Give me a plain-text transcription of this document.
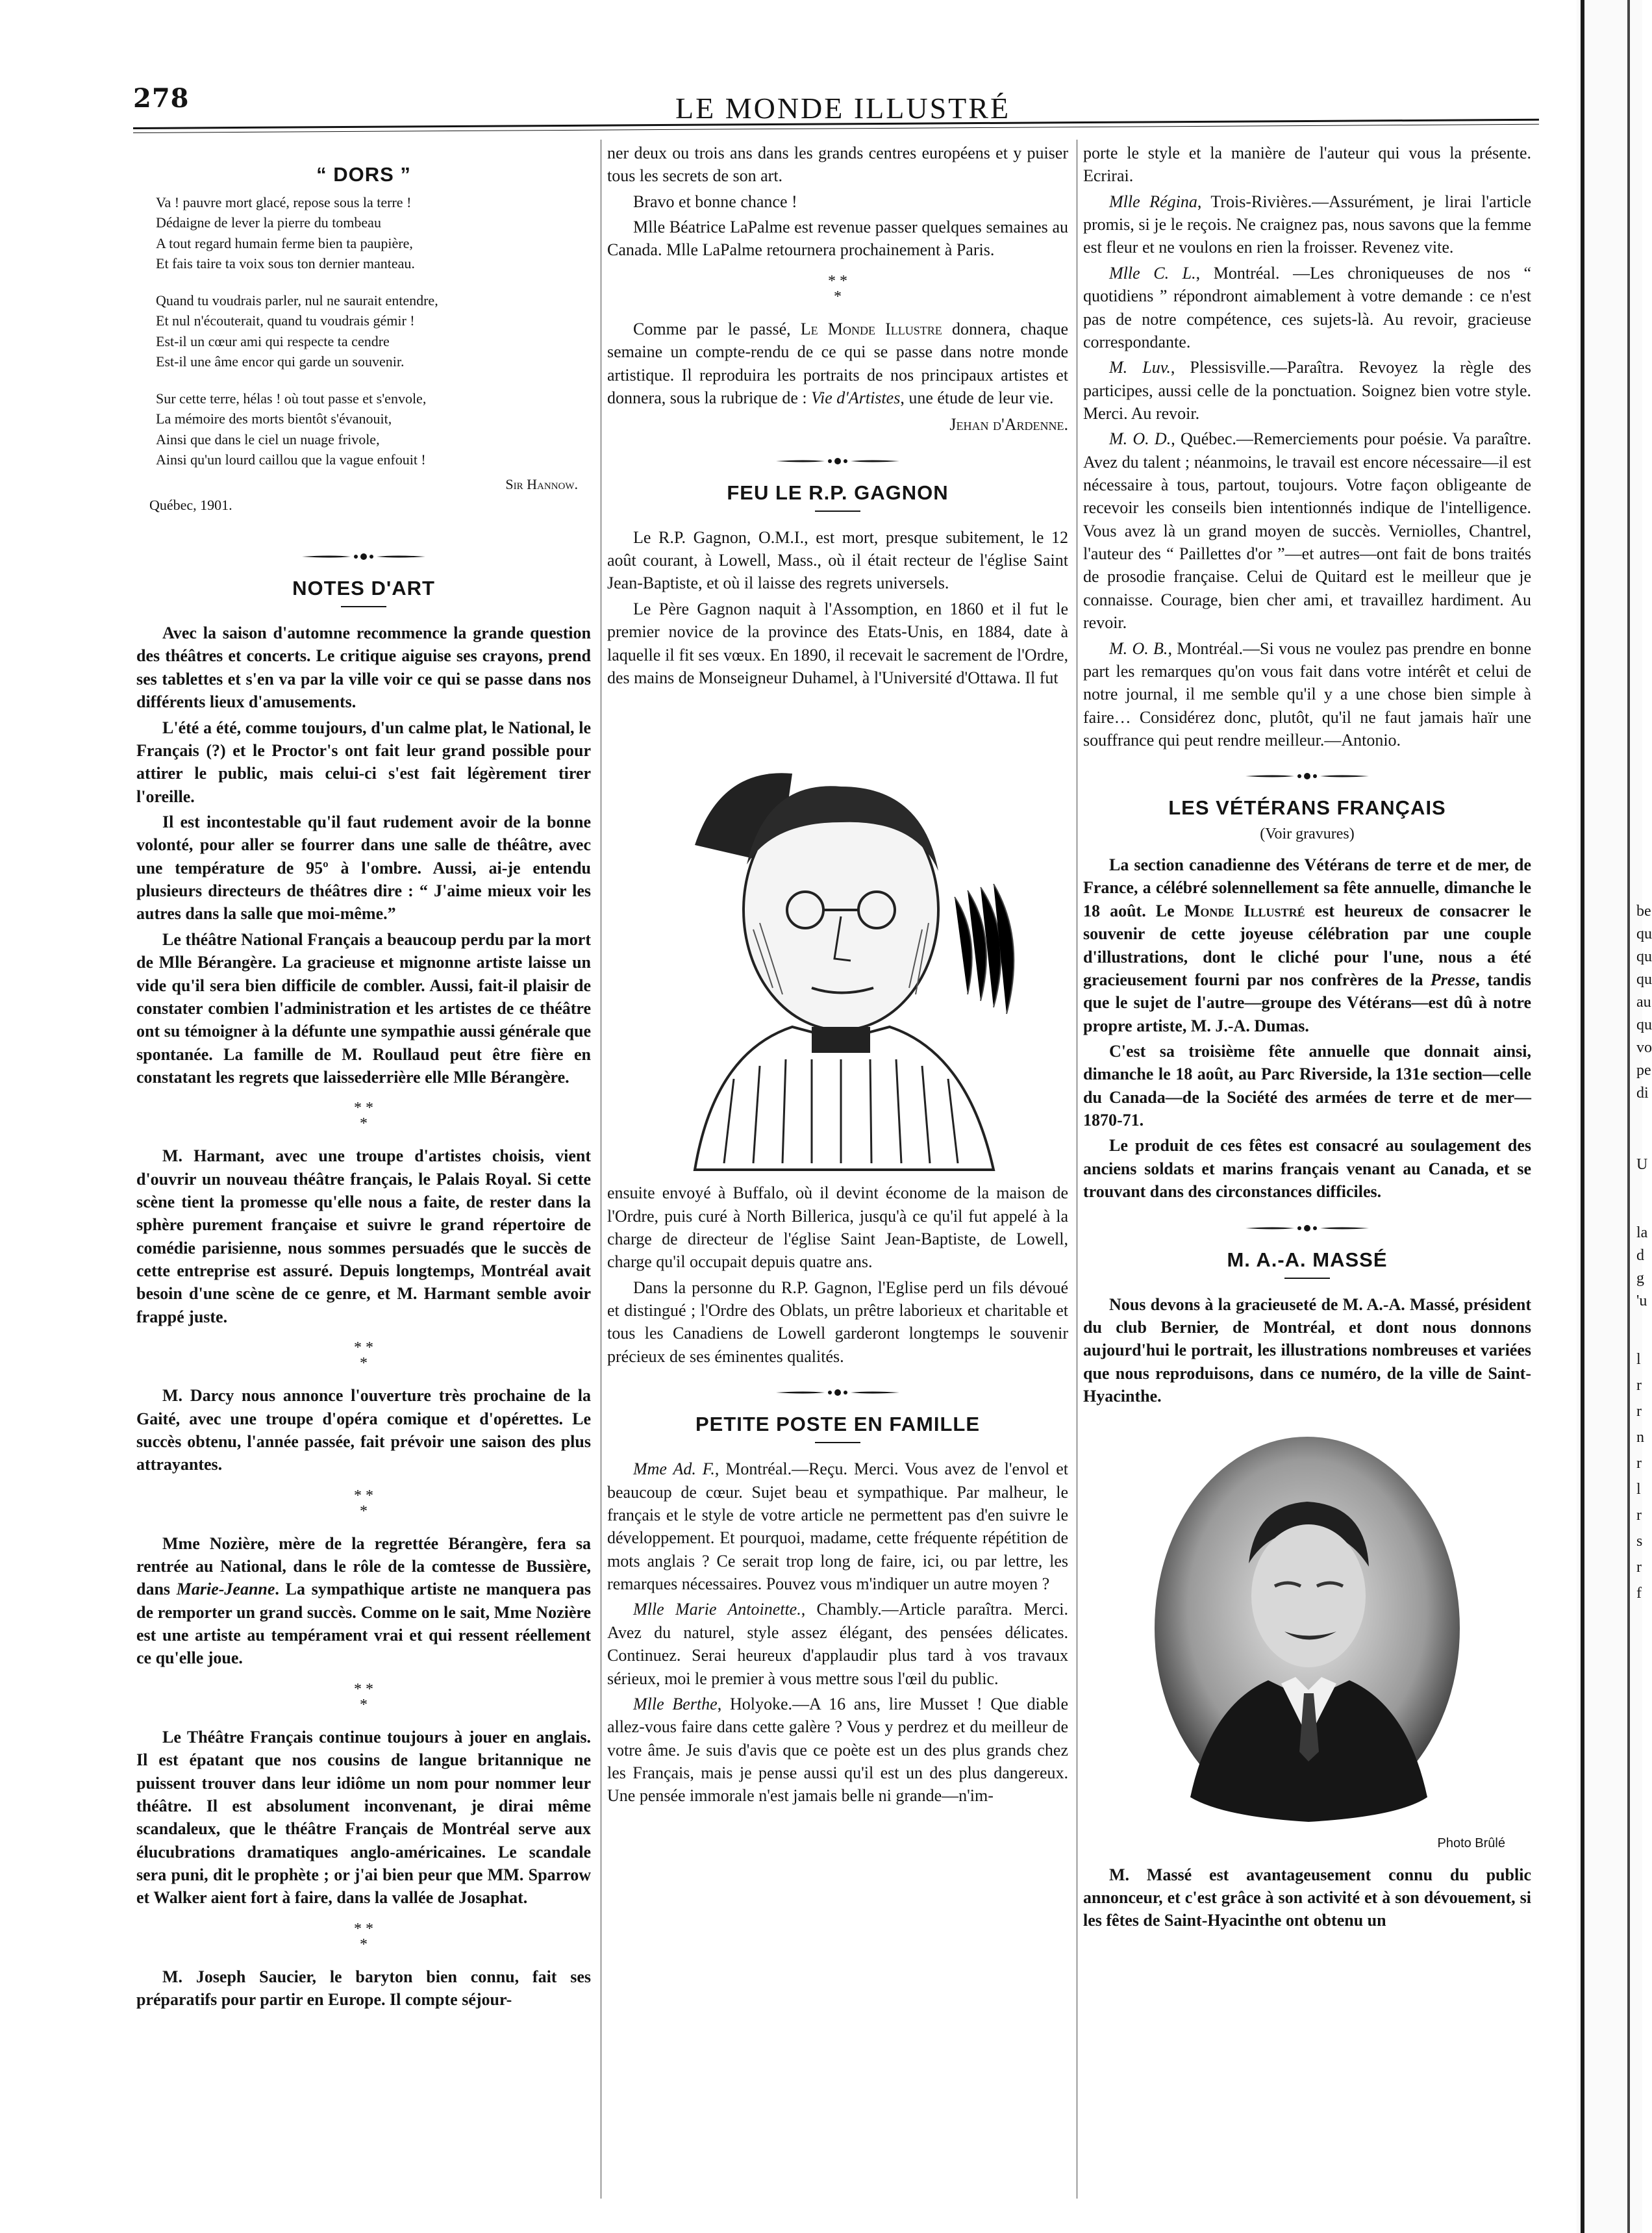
278	LE MONDE ILLUSTRÉ
“ DORS ”
Va ! pauvre mort glacé, repose sous la terre !
Dédaigne de lever la pierre du tombeau
A tout regard humain ferme bien ta paupière,
Et fais taire ta voix sous ton dernier manteau.
Quand tu voudrais parler, nul ne saurait entendre,
Et nul n'écouterait, quand tu voudrais gémir !
Est-il un cœur ami qui respecte ta cendre
Est-il une âme encor qui garde un souvenir.
Sur cette terre, hélas ! où tout passe et s'envole,
La mémoire des morts bientôt s'évanouit,
Ainsi que dans le ciel un nuage frivole,
Ainsi qu'un lourd caillou que la vague enfouit !
Sir Hannow.
Québec, 1901.
NOTES D'ART

Avec la saison d'automne recommence la grande question des théâtres et concerts. Le critique aiguise ses crayons, prend ses tablettes et s'en va par la ville voir ce qui se passe dans nos différents lieux d'amusements.

L'été a été, comme toujours, d'un calme plat, le National, le Français (?) et le Proctor's ont fait leur grand possible pour attirer le public, mais celui-ci s'est fait légèrement tirer l'oreille.

Il est incontestable qu'il faut rudement avoir de la bonne volonté, pour aller se fourrer dans une salle de théâtre, avec une température de 95º à l'ombre. Aussi, ai-je entendu plusieurs directeurs de théâtres dire : “ J'aime mieux voir les autres dans la salle que moi-même.”

Le théâtre National Français a beaucoup perdu par la mort de Mlle Bérangère. La gracieuse et mignonne artiste laisse un vide qu'il sera bien difficile de combler. Aussi, fait-il plaisir de constater combien l'administration et les artistes de ce théâtre ont su témoigner à la défunte une sympathie aussi générale que spontanée. La famille de M. Roullaud peut être fière en constatant les regrets que laissederrière elle Mlle Bérangère.

* *
*

M. Harmant, avec une troupe d'artistes choisis, vient d'ouvrir un nouveau théâtre français, le Palais Royal. Si cette scène tient la promesse qu'elle nous a faite, de rester dans la sphère purement française et suivre le grand répertoire de comédie parisienne, nous sommes persuadés que le succès de cette entreprise est assuré. Depuis longtemps, Montréal avait besoin d'une scène de ce genre, et M. Harmant semble avoir frappé juste.

* *
*

M. Darcy nous annonce l'ouverture très prochaine de la Gaité, avec une troupe d'opéra comique et d'opérettes. Le succès obtenu, l'année passée, fait prévoir une saison des plus attrayantes.

* *
*

Mme Nozière, mère de la regrettée Bérangère, fera sa rentrée au National, dans le rôle de la comtesse de Bussière, dans Marie-Jeanne. La sympathique artiste ne manquera pas de remporter un grand succès. Comme on le sait, Mme Nozière est une artiste au tempérament vrai et qui ressent réellement ce qu'elle joue.

* *
*

Le Théâtre Français continue toujours à jouer en anglais. Il est épatant que nos cousins de langue britannique ne puissent trouver dans leur idiôme un nom pour nommer leur théâtre. Il est absolument inconvenant, je dirai même scandaleux, que le théâtre Français de Montréal serve aux élucubrations dramatiques anglo-américaines. Le scandale sera puni, dit le prophète ; or j'ai bien peur que MM. Sparrow et Walker aient fort à faire, dans la vallée de Josaphat.

* *
*

M. Joseph Saucier, le baryton bien connu, fait ses préparatifs pour partir en Europe. Il compte séjour-

ner deux ou trois ans dans les grands centres européens et y puiser tous les secrets de son art.

Bravo et bonne chance !

Mlle Béatrice LaPalme est revenue passer quelques semaines au Canada. Mlle LaPalme retournera prochainement à Paris.

* *
*

Comme par le passé, Le Monde Illustre donnera, chaque semaine un compte-rendu de ce qui se passe dans notre monde artistique. Il reproduira les portraits de nos principaux artistes et donnera, sous la rubrique de : Vie d'Artistes, une étude de leur vie.

Jehan d'Ardenne.

FEU LE R.P. GAGNON

Le R.P. Gagnon, O.M.I., est mort, presque subitement, le 12 août courant, à Lowell, Mass., où il était recteur de l'église Saint Jean-Baptiste, et où il laisse des regrets universels.

Le Père Gagnon naquit à l'Assomption, en 1860 et il fut le premier novice de la province des Etats-Unis, en 1884, date à laquelle il fit ses vœux. En 1890, il recevait le sacrement de l'Ordre, des mains de Monseigneur Duhamel, à l'Université d'Ottawa. Il fut

ensuite envoyé à Buffalo, où il devint économe de la maison de l'Ordre, puis curé à North Billerica, jusqu'à ce qu'il fut appelé à la charge de directeur de l'église Saint Jean-Baptiste, de Lowell, charge qu'il occupait depuis quatre ans.

Dans la personne du R.P. Gagnon, l'Eglise perd un fils dévoué et distingué ; l'Ordre des Oblats, un prêtre laborieux et charitable et tous les Canadiens de Lowell garderont longtemps le souvenir précieux de ses éminentes qualités.

PETITE POSTE EN FAMILLE

Mme Ad. F., Montréal.—Reçu. Merci. Vous avez de l'envol et beaucoup de cœur. Sujet beau et sympathique. Par malheur, le français et le style de votre article ne permettent pas d'en suivre le développement. Et pourquoi, madame, cette fréquente répétition de mots anglais ? Ce serait trop long de faire, ici, ou par lettre, les remarques nécessaires. Pouvez vous m'indiquer un autre moyen ?

Mlle Marie Antoinette., Chambly.—Article paraîtra. Merci. Avez du naturel, style assez élégant, des pensées délicates. Continuez. Serai heureux d'applaudir plus tard à vos travaux sérieux, moi le premier à vous mettre sous l'œil du public.

Mlle Berthe, Holyoke.—A 16 ans, lire Musset ! Que diable allez-vous faire dans cette galère ? Vous y perdrez et du meilleur de votre âme. Je suis d'avis que ce poète est un des plus grands chez les Français, mais je pense aussi qu'il est un des plus dangereux. Une pensée immorale n'est jamais belle ni grande—n'im-

porte le style et la manière de l'auteur qui vous la présente. Ecrirai.

Mlle Régina, Trois-Rivières.—Assurément, je lirai l'article promis, si je le reçois. Ne craignez pas, nous savons que la femme est fleur et ne voulons en rien la froisser. Revenez vite.

Mlle C. L., Montréal. —Les chroniqueuses de nos “ quotidiens ” répondront aimablement à votre demande : ce n'est pas de notre compétence, ces sujets-là. Au revoir, gracieuse correspondante.

M. Luv., Plessisville.—Paraîtra. Revoyez la règle des participes, aussi celle de la ponctuation. Soignez bien votre style. Merci. Au revoir.

M. O. D., Québec.—Remerciements pour poésie. Va paraître. Avez du talent ; néanmoins, le travail est encore nécessaire—il est nécessaire à tous, partout, toujours. Votre façon obligeante de recevoir les conseils bien intentionnés indique de l'intelligence. Vous avez là un grand moyen de succès. Verniolles, Chantrel, l'auteur des “ Paillettes d'or ”—et autres—ont fait de bons traités de prosodie française. Celui de Quitard est le meilleur que je connaisse. Courage, bien cher ami, et travaillez hardiment. Au revoir.

M. O. B., Montréal.—Si vous ne voulez pas prendre en bonne part les remarques qu'on vous fait dans votre intérêt et celui de notre journal, il me semble qu'il y a une chose bien simple à faire… Considérez donc, plutôt, qu'il ne faut jamais haïr une souffrance qui peut rendre meilleur.—Antonio.

LES VÉTÉRANS FRANÇAIS

(Voir gravures)

La section canadienne des Vétérans de terre et de mer, de France, a célébré solennellement sa fête annuelle, dimanche le 18 août. Le Monde Illustré est heureux de consacrer le souvenir de cette joyeuse célébration par une couple d'illustrations, dont le cliché pour l'une, nous a été gracieusement fourni par nos confrères de la Presse, tandis que le sujet de l'autre—groupe des Vétérans—est dû à notre propre artiste, M. J.-A. Dumas.

C'est sa troisième fête annuelle que donnait ainsi, dimanche le 18 août, au Parc Riverside, la 131e section—celle du Canada—de la Société des armées de terre et de mer—1870-71.

Le produit de ces fêtes est consacré au soulagement des anciens soldats et marins français venant au Canada, et se trouvant dans des circonstances difficiles.

M. A.-A. MASSÉ

Nous devons à la gracieuseté de M. A.-A. Massé, président du club Bernier, de Montréal, et dont nous donnons aujourd'hui le portrait, les illustrations nombreuses et variées que nous reproduisons, dans ce numéro, de la ville de Saint-Hyacinthe.

Photo Brûlé

M. Massé est avantageusement connu du public annonceur, et c'est grâce à son activité et à son dévouement, si les fêtes de Saint-Hyacinthe ont obtenu un

be
qu
qu
qu
au
qu
vo
pe
di
U
la
d
g
'u
l
r
r
n
r
l
r
s
r
f
